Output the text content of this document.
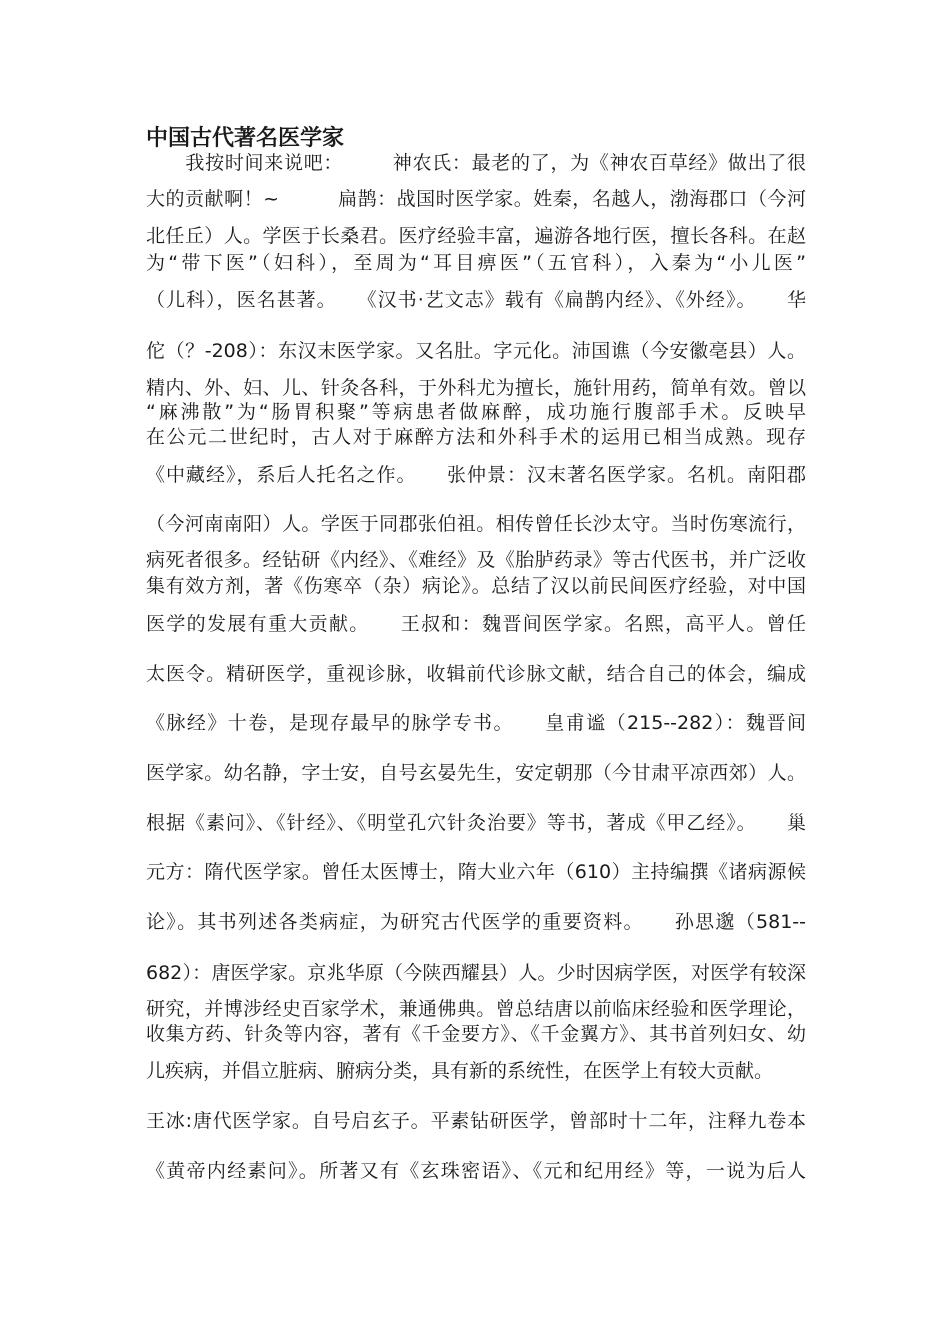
中国古代著名医学家
　　我按时间来说吧：　　　神农氏：最老的了，为《神农百草经》做出了很
大的贡献啊！~　　　扁鹊：战国时医学家。姓秦，名越人，渤海郡口（今河
北任丘）人。学医于长桑君。医疗经验丰富，遍游各地行医，擅长各科。在赵
为“带下医”（妇科），至周为“耳目痹医”（五官科），入秦为“小儿医”
（儿科），医名甚著。　　《汉书·艺文志》载有《扁鹊内经》、《外经》。　　华
佗（？-208）：东汉末医学家。又名肚。字元化。沛国谯（今安徽亳县）人。
精内、外、妇、儿、针灸各科，于外科尤为擅长，施针用药，简单有效。曾以
“麻沸散”为“肠胃积聚”等病患者做麻醉，成功施行腹部手术。反映早
在公元二世纪时，古人对于麻醉方法和外科手术的运用已相当成熟。现存
《中藏经》，系后人托名之作。　　张仲景：汉末著名医学家。名机。南阳郡
（今河南南阳）人。学医于同郡张伯祖。相传曾任长沙太守。当时伤寒流行，
病死者很多。经钻研《内经》、《难经》及《胎胪药录》等古代医书，并广泛收
集有效方剂，著《伤寒卒（杂）病论》。总结了汉以前民间医疗经验，对中国
医学的发展有重大贡献。　　王叔和：魏晋间医学家。名熙，高平人。曾任
太医令。精研医学，重视诊脉，收辑前代诊脉文献，结合自己的体会，编成
《脉经》十卷，是现存最早的脉学专书。　　皇甫谧（215--282）：魏晋间
医学家。幼名静，字士安，自号玄晏先生，安定朝那（今甘肃平凉西郊）人。
根据《素问》、《针经》、《明堂孔穴针灸治要》等书，著成《甲乙经》。　　巢
元方：隋代医学家。曾任太医博士，隋大业六年（610）主持编撰《诸病源候
论》。其书列述各类病症，为研究古代医学的重要资料。　　孙思邈（581--
682）：唐医学家。京兆华原（今陕西耀县）人。少时因病学医，对医学有较深
研究，并博涉经史百家学术，兼通佛典。曾总结唐以前临床经验和医学理论，
收集方药、针灸等内容，著有《千金要方》、《千金翼方》、其书首列妇女、幼
儿疾病，并倡立脏病、腑病分类，具有新的系统性，在医学上有较大贡献。
王冰:唐代医学家。自号启玄子。平素钻研医学，曾部时十二年，注释九卷本
《黄帝内经素问》。所著又有《玄珠密语》、《元和纪用经》等，一说为后人
